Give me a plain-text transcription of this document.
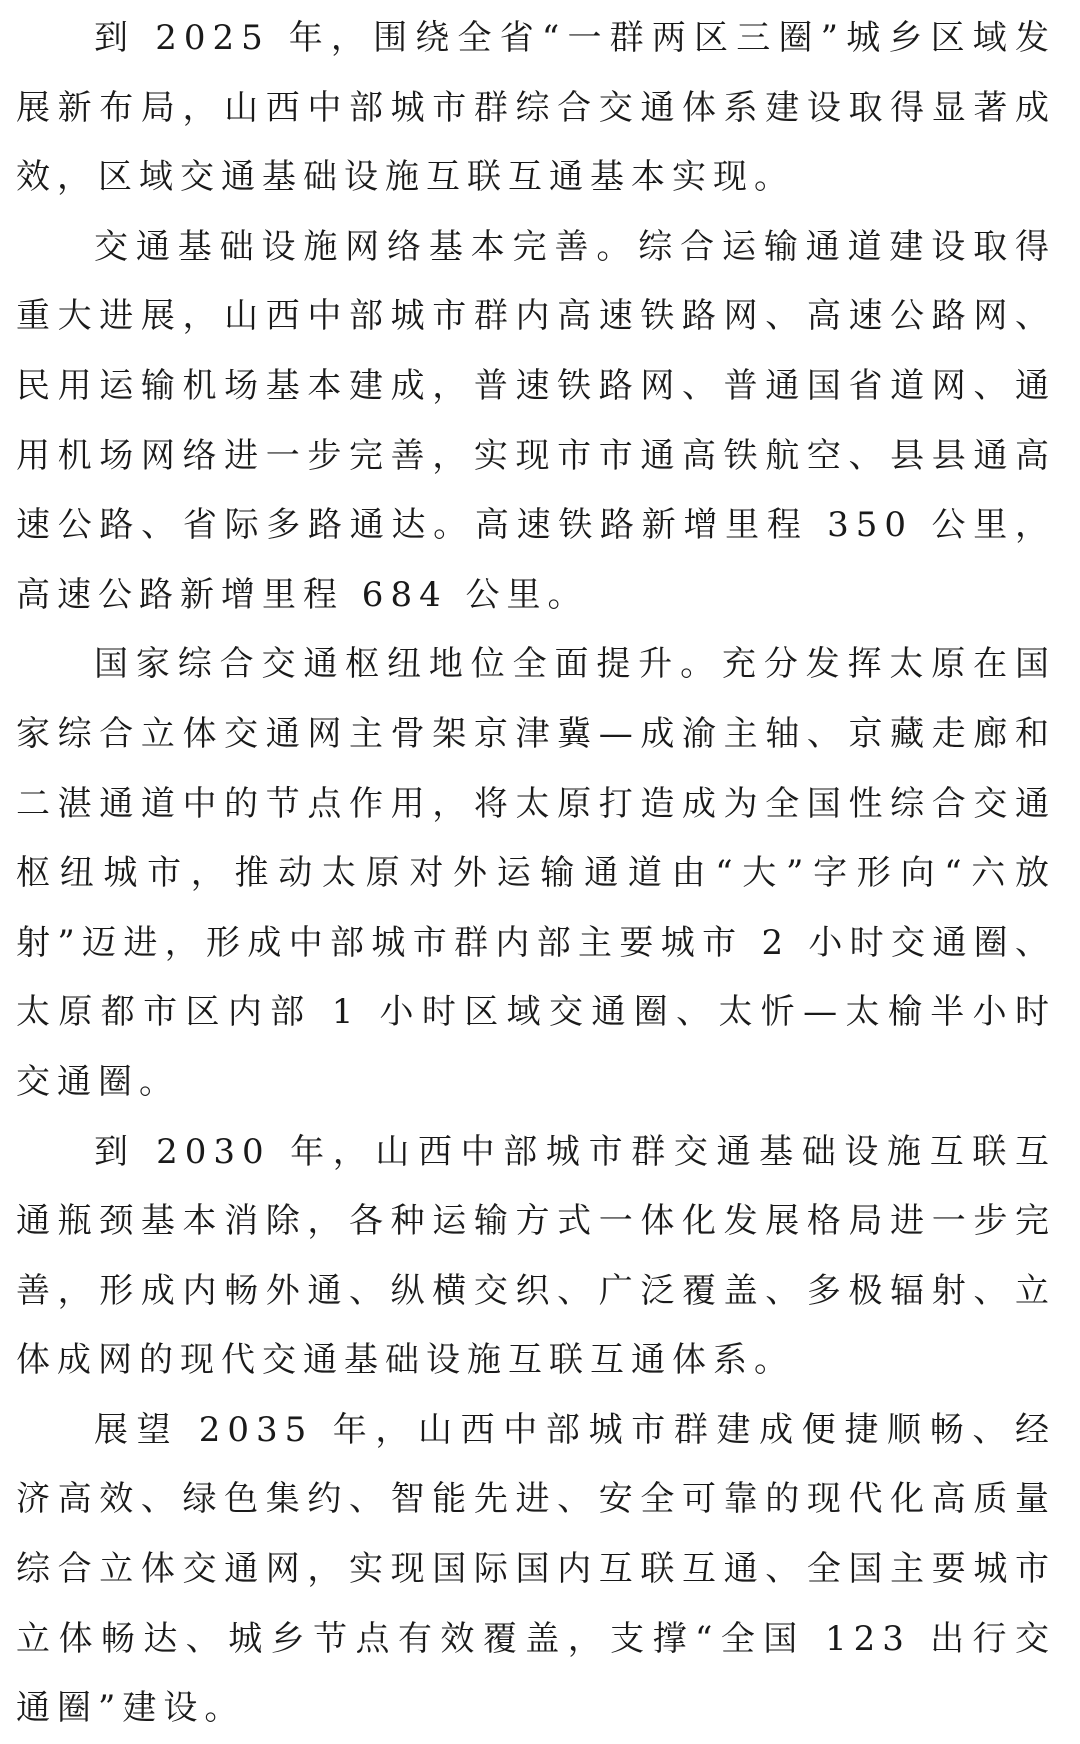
到 2025 年，围绕全省“一群两区三圈”城乡区域发展新布局，山西中部城市群综合交通体系建设取得显著成效，区域交通基础设施互联互通基本实现。

交通基础设施网络基本完善。综合运输通道建设取得重大进展，山西中部城市群内高速铁路网、高速公路网、民用运输机场基本建成，普速铁路网、普通国省道网、通用机场网络进一步完善，实现市市通高铁航空、县县通高速公路、省际多路通达。高速铁路新增里程 350 公里，高速公路新增里程 684 公里。

国家综合交通枢纽地位全面提升。充分发挥太原在国家综合立体交通网主骨架京津冀—成渝主轴、京藏走廊和二湛通道中的节点作用，将太原打造成为全国性综合交通枢纽城市，推动太原对外运输通道由“大”字形向“六放射”迈进，形成中部城市群内部主要城市 2 小时交通圈、太原都市区内部 1 小时区域交通圈、太忻—太榆半小时交通圈。

到 2030 年，山西中部城市群交通基础设施互联互通瓶颈基本消除，各种运输方式一体化发展格局进一步完善，形成内畅外通、纵横交织、广泛覆盖、多极辐射、立体成网的现代交通基础设施互联互通体系。

展望 2035 年，山西中部城市群建成便捷顺畅、经济高效、绿色集约、智能先进、安全可靠的现代化高质量综合立体交通网，实现国际国内互联互通、全国主要城市立体畅达、城乡节点有效覆盖，支撑“全国 123 出行交通圈”建设。
